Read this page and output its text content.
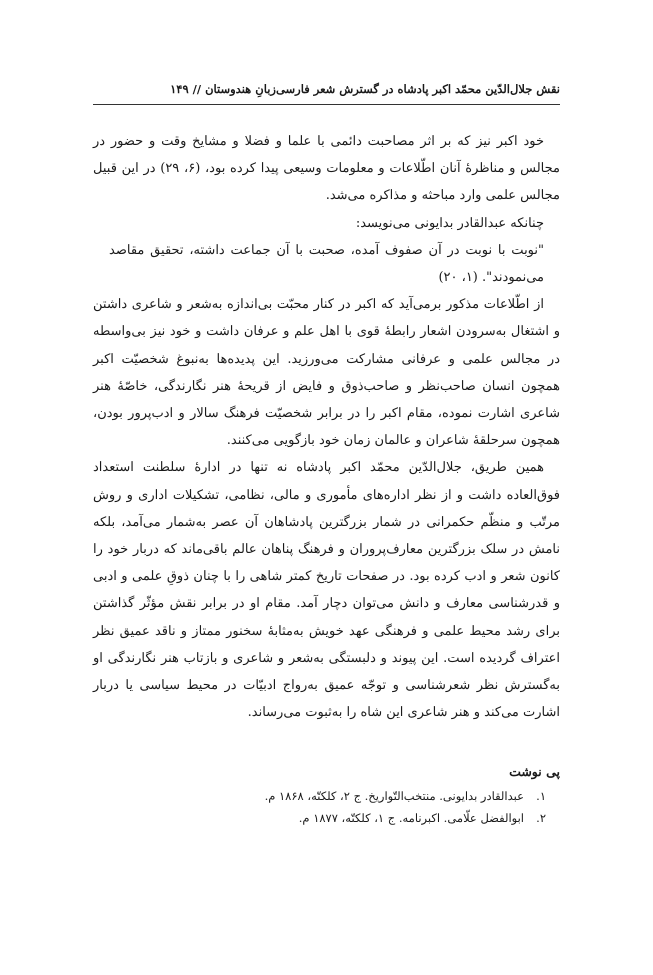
نقش جلال‌الدّین محمّد اکبر پادشاه در گسترش شعر فارسی‌زبانِ هندوستان // ۱۴۹

خود اکبر نیز که بر اثر مصاحبت دائمی با علما و فضلا و مشایخ وقت و حضور در مجالس و مناظرهٔ آنان اطّلاعات و معلومات وسیعی پیدا کرده بود، (۶، ۲۹) در این قبیل مجالس علمی وارد مباحثه و مذاکره می‌شد.

چنانکه عبدالقادر بدایونی می‌نویسد:

"نوبت با نوبت در آن صفوف آمده، صحبت با آن جماعت داشته، تحقیق مقاصد می‌نمودند". (۱، ۲۰)

از اطّلاعات مذکور برمی‌آید که اکبر در کنار محبّت بی‌اندازه به‌شعر و شاعری داشتن و اشتغال به‌سرودن اشعار رابطهٔ قوی با اهل علم و عرفان داشت و خود نیز بی‌واسطه در مجالس علمی و عرفانی مشارکت می‌ورزید. این پدیده‌ها به‌نبوغ شخصیّت اکبر همچون انسان صاحب‌نظر و صاحب‌ذوق و فایض از قریحهٔ هنر نگارندگی، خاصّهٔ هنر شاعری اشارت نموده، مقام اکبر را در برابر شخصیّت فرهنگ سالار و ادب‌پرور بودن، همچون سرحلقهٔ شاعران و عالمان زمان خود بازگویی می‌کنند.

همین طریق، جلال‌الدّین محمّد اکبر پادشاه نه تنها در ادارهٔ سلطنت استعداد فوق‌العاده داشت و از نظر اداره‌های مأموری و مالی، نظامی، تشکیلات اداری و روش مرتّب و منظّم حکمرانی در شمار بزرگترین پادشاهان آن عصر به‌شمار می‌آمد، بلکه نامش در سلک بزرگترین معارف‌پروران و فرهنگ پناهان عالم باقی‌ماند که دربار خود را کانون شعر و ادب کرده بود. در صفحات تاریخ کمتر شاهی را با چنان ذوقِ علمی و ادبی و قدرشناسی معارف و دانش می‌توان دچار آمد. مقام او در برابر نقش مؤثّر گذاشتن برای رشد محیط علمی و فرهنگی عهد خویش به‌مثابهٔ سخنور ممتاز و ناقد عمیق نظر اعتراف گردیده است. این پیوند و دلبستگی به‌شعر و شاعری و بازتاب هنر نگارندگی او به‌گسترش نظر شعرشناسی و توجّه عمیق به‌رواج ادبیّات در محیط سیاسی یا دربار اشارت می‌کند و هنر شاعری این شاه را به‌ثبوت می‌رساند.

پی نوشت
۱.
عبدالقادر بدایونی. منتخب‌التّواریخ. ج ۲، کلکتّه، ۱۸۶۸ م.
۲.
ابوالفضل علّامی. اکبرنامه. ج ۱، کلکتّه، ۱۸۷۷ م.
